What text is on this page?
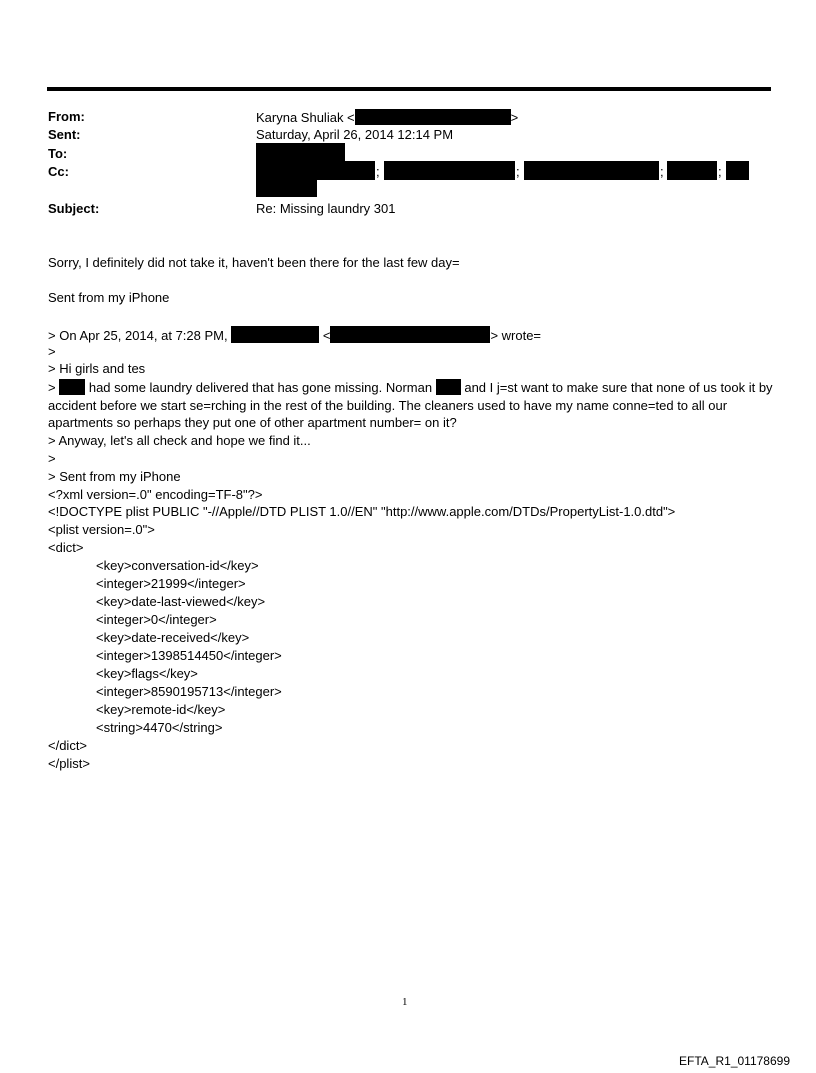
From:	Karyna Shuliak <	>
Sent:	Saturday, April 26, 2014 12:14 PM
To:
Cc:	;	;	;	;
Subject:	Re: Missing laundry 301
Sorry, I definitely did not take it, haven't been there for the last few day=
Sent from my iPhone
> On Apr 25, 2014, at 7:28 PM,	<	> wrote=
>
> Hi girls and tes
>	had some laundry delivered that has gone missing. Norman and I j=st want to make sure that none of us took it by accident before we start se=rching in the rest of the building. The cleaners used to have my name conne=ted to all our apartments so perhaps they put one of other apartment number= on it?
> Anyway, let's all check and hope we find it...
>
> Sent from my iPhone
<?xml version=.0" encoding=TF-8"?>
<!DOCTYPE plist PUBLIC "-//Apple//DTD PLIST 1.0//EN" "http://www.apple.com/DTDs/PropertyList-1.0.dtd">
<plist version=.0">
<dict>
<key>conversation-id</key>
<integer>21999</integer>
<key>date-last-viewed</key>
<integer>0</integer>
<key>date-received</key>
<integer>1398514450</integer>
<key>flags</key>
<integer>8590195713</integer>
<key>remote-id</key>
<string>4470</string>
</dict>
</plist>
1
EFTA_R1_01178699
